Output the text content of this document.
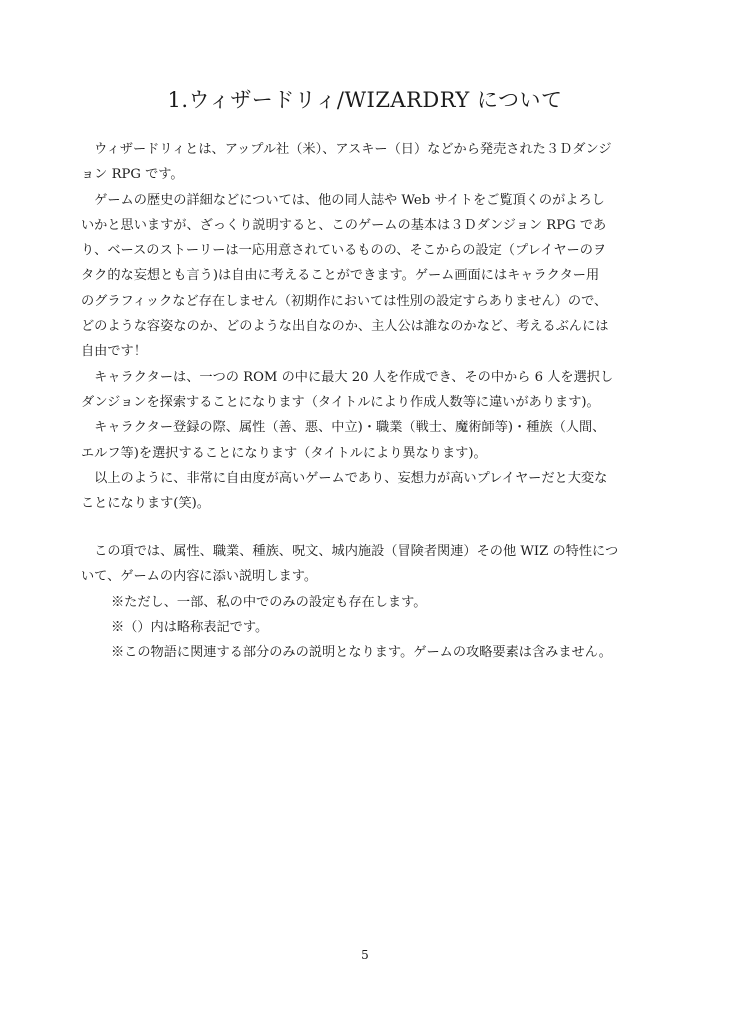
1.ウィザードリィ/WIZARDRY について
　ウィザードリィとは、アップル社（米）、アスキー（日）などから発売された３Ｄダンジ
ョン RPG です。
　ゲームの歴史の詳細などについては、他の同人誌や Web サイトをご覧頂くのがよろし
いかと思いますが、ざっくり説明すると、このゲームの基本は３Ｄダンジョン RPG であ
り、ベースのストーリーは一応用意されているものの、そこからの設定（プレイヤーのヲ
タク的な妄想とも言う)は自由に考えることができます。ゲーム画面にはキャラクター用
のグラフィックなど存在しません（初期作においては性別の設定すらありません）ので、
どのような容姿なのか、どのような出自なのか、主人公は誰なのかなど、考えるぶんには
自由です！
　キャラクターは、一つの ROM の中に最大 20 人を作成でき、その中から 6 人を選択し
ダンジョンを探索することになります（タイトルにより作成人数等に違いがあります)。
　キャラクター登録の際、属性（善、悪、中立)・職業（戦士、魔術師等)・種族（人間、
エルフ等)を選択することになります（タイトルにより異なります)。
　以上のように、非常に自由度が高いゲームであり、妄想力が高いプレイヤーだと大変な
ことになります(笑)。
　この項では、属性、職業、種族、呪文、城内施設（冒険者関連）その他 WIZ の特性につ
いて、ゲームの内容に添い説明します。
※ただし、一部、私の中でのみの設定も存在します。
※（）内は略称表記です。
※この物語に関連する部分のみの説明となります。ゲームの攻略要素は含みません。
5
